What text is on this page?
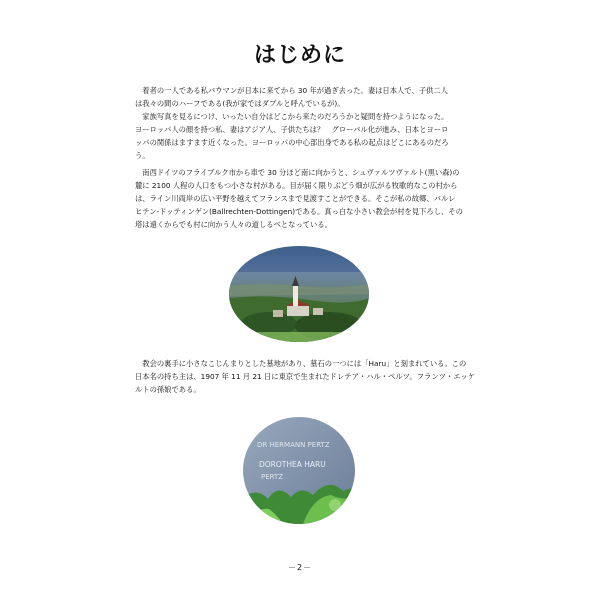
はじめに
　着者の一人である私バウマンが日本に来てから 30 年が過ぎ去った。妻は日本人で、子供二人
は我々の間のハーフである(我が家ではダブルと呼んでいるが)。
　家族写真を見るにつけ、いったい自分はどこから来たのだろうかと疑問を持つようになった。
ヨーロッパ人の顔を持つ私、妻はアジア人、子供たちは？　グローバル化が進み、日本とヨーロ
ッパの関係はますます近くなった。ヨーロッパの中心部出身である私の起点はどこにあるのだろ
う。
　南西ドイツのフライブルク市から車で 30 分ほど南に向かうと、シュヴァルツヴァルト(黒い森)の
麓に 2100 人程の人口をもつ小さな村がある。目が届く限りぶどう畑が広がる牧歌的なこの村から
は、ライン川両岸の広い平野を越えてフランスまで見渡すことができる。そこが私の故郷、バルレ
ヒテン-ドッティンゲン(Ballrechten-Dottingen)である。真っ白な小さい教会が村を見下ろし、その
塔は遠くからでも村に向かう人々の道しるべとなっている。
　教会の裏手に小さなこじんまりとした墓地があり、墓石の一つには「Haru」と刻まれている。この
日本名の持ち主は、1907 年 11 月 21 日に東京で生まれたドレテア・ハル・ペルツ。フランツ・エッケ
ルトの孫娘である。
DR HERMANN PERTZ
DOROTHEA HARU
PERTZ
－2－
